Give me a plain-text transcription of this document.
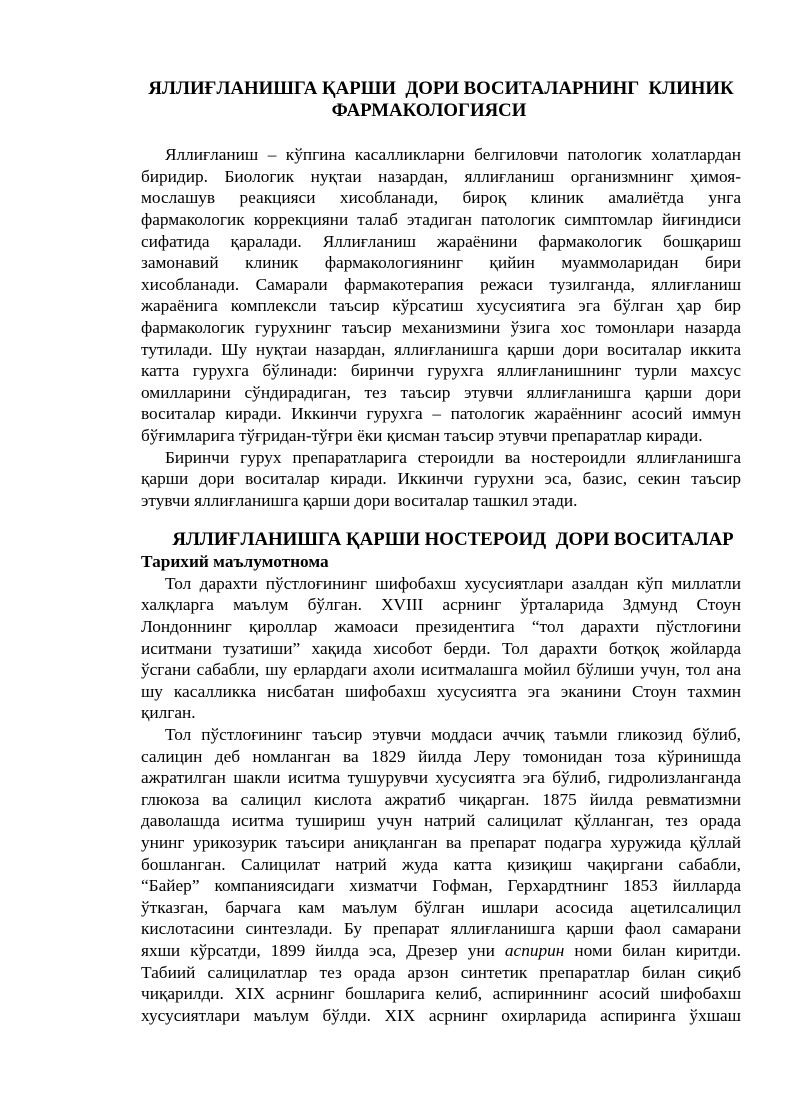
ЯЛЛИҒЛАНИШГА ҚАРШИ  ДОРИ ВОСИТАЛАРНИНГ  КЛИНИК
ФАРМАКОЛОГИЯСИ
Яллиғланиш – кўпгина касалликларни белгиловчи патологик холатлардан
биридир. Биологик нуқтаи назардан, яллиғланиш организмнинг ҳимоя-
мослашув реакцияси хисобланади, бироқ клиник амалиётда унга
фармакологик коррекцияни талаб этадиган патологик симптомлар йиғиндиси
сифатида қаралади. Яллиғланиш жараёнини фармакологик бошқариш
замонавий клиник фармакологиянинг қийин муаммоларидан бири
хисобланади. Самарали фармакотерапия режаси тузилганда, яллиғланиш
жараёнига комплексли таъсир кўрсатиш хусусиятига эга бўлган ҳар бир
фармакологик гурухнинг таъсир механизмини ўзига хос томонлари назарда
тутилади. Шу нуқтаи назардан, яллиғланишга қарши дори воситалар иккита
катта гурухга бўлинади: биринчи гурухга яллиғланишнинг турли махсус
омилларини сўндирадиган, тез таъсир этувчи яллиғланишга қарши дори
воситалар киради. Иккинчи гурухга – патологик жараённинг асосий иммун
бўғимларига тўғридан-тўғри ёки қисман таъсир этувчи препаратлар киради.
Биринчи гурух препаратларига стероидли ва ностероидли яллиғланишга
қарши дори воситалар киради. Иккинчи гурухни эса, базис, секин таъсир
этувчи яллиғланишга қарши дори воситалар ташкил этади.
ЯЛЛИҒЛАНИШГА ҚАРШИ НОСТЕРОИД  ДОРИ ВОСИТАЛАР
Тарихий маълумотнома
Тол дарахти пўстлоғининг шифобахш хусусиятлари азалдан кўп миллатли
халқларга маълум бўлган. XVIII асрнинг ўрталарида Здмунд Стоун
Лондоннинг қироллар жамоаси президентига “тол дарахти пўстлоғини
иситмани тузатиши” хақида хисобот берди. Тол дарахти ботқоқ жойларда
ўсгани сабабли, шу ерлардаги ахоли иситмалашга мойил бўлиши учун, тол ана
шу касалликка нисбатан шифобахш хусусиятга эга эканини Стоун тахмин
қилган.
Тол пўстлоғининг таъсир этувчи моддаси аччиқ таъмли гликозид бўлиб,
салицин деб номланган ва 1829 йилда Леру томонидан тоза кўринишда
ажратилган шакли иситма тушурувчи хусусиятга эга бўлиб, гидролизланганда
глюкоза ва салицил кислота ажратиб чиқарган. 1875 йилда ревматизмни
даволашда иситма тушириш учун натрий салицилат қўлланган, тез орада
унинг урикозурик таъсири аниқланган ва препарат подагра хуружида қўллай
бошланган. Салицилат натрий жуда катта қизиқиш чақиргани сабабли,
“Байер” компаниясидаги хизматчи Гофман, Герхардтнинг 1853 йилларда
ўтказган, барчага кам маълум бўлган ишлари асосида ацетилсалицил
кислотасини синтезлади. Бу препарат яллиғланишга қарши фаол самарани
яхши кўрсатди, 1899 йилда эса, Дрезер уни аспирин номи билан киритди.
Табиий салицилатлар тез орада арзон синтетик препаратлар билан сиқиб
чиқарилди. XIX асрнинг бошларига келиб, аспириннинг асосий шифобахш
хусусиятлари маълум бўлди. XIX асрнинг охирларида аспиринга ўхшаш
